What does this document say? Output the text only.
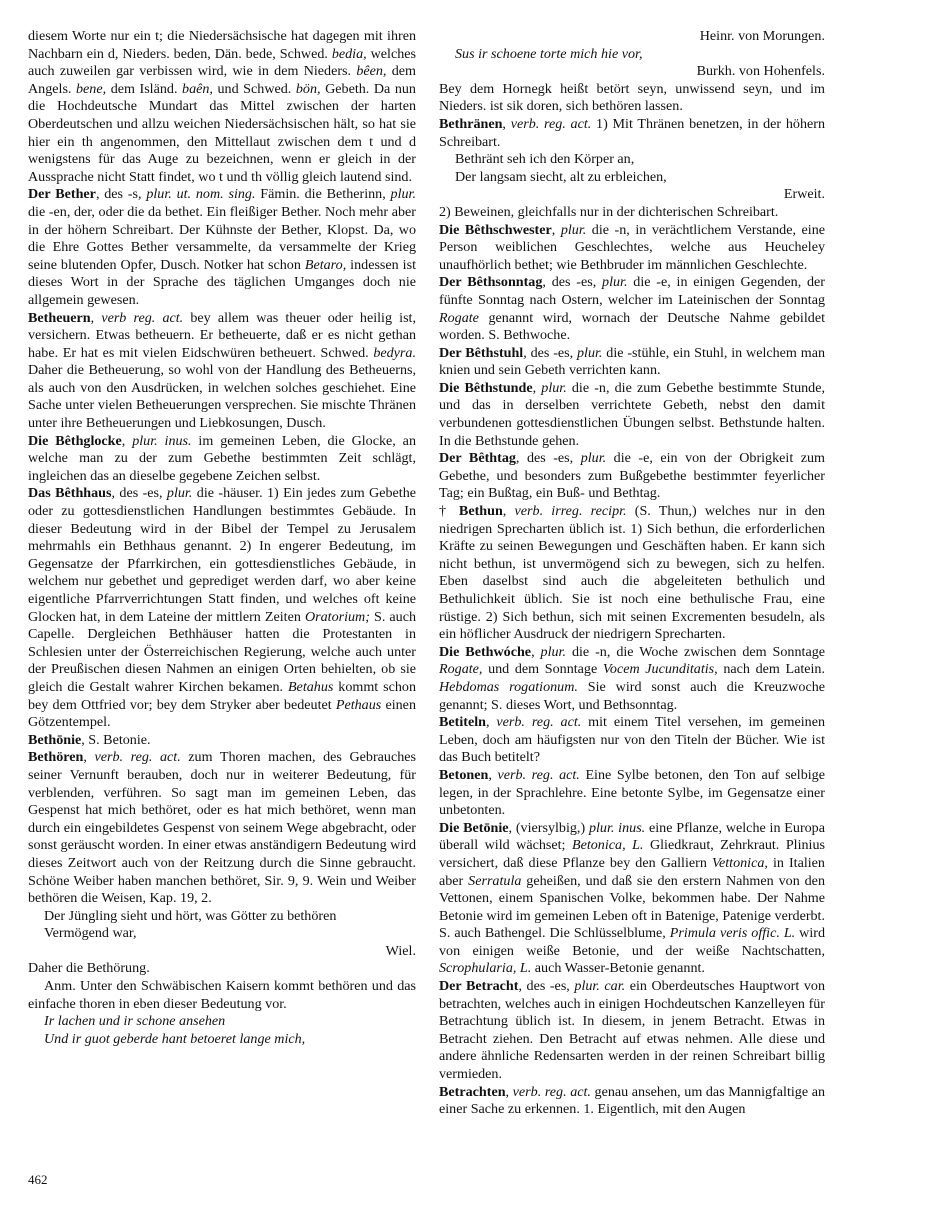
diesem Worte nur ein t; die Niedersächsische hat dagegen mit ihren Nachbarn ein d, Nieders. beden, Dän. bede, Schwed. bedia, welches auch zuweilen gar verbissen wird, wie in dem Nieders. bêen, dem Angels. bene, dem Isländ. baên, und Schwed. bön, Gebeth. Da nun die Hochdeutsche Mundart das Mittel zwischen der harten Oberdeutschen und allzu weichen Niedersächsischen hält, so hat sie hier ein th angenommen, den Mittellaut zwischen dem t und d wenigstens für das Auge zu bezeichnen, wenn er gleich in der Aussprache nicht Statt findet, wo t und th völlig gleich lautend sind.

Der Bether, des -s, plur. ut. nom. sing. Fämin. die Betherinn, plur. die -en, der, oder die da bethet. Ein fleißiger Bether. Noch mehr aber in der höhern Schreibart. Der Kühnste der Bether, Klopst. Da, wo die Ehre Gottes Bether versammelte, da versammelte der Krieg seine blutenden Opfer, Dusch. Notker hat schon Betaro, indessen ist dieses Wort in der Sprache des täglichen Umganges doch nie allgemein gewesen.

Betheuern, verb reg. act. bey allem was theuer oder heilig ist, versichern. Etwas betheuern. Er betheuerte, daß er es nicht gethan habe. Er hat es mit vielen Eidschwüren betheuert. Schwed. bedyra. Daher die Betheuerung, so wohl von der Handlung des Betheuerns, als auch von den Ausdrücken, in welchen solches geschiehet. Eine Sache unter vielen Betheuerungen versprechen. Sie mischte Thränen unter ihre Betheuerungen und Liebkosungen, Dusch.

Die Bêthglocke, plur. inus. im gemeinen Leben, die Glocke, an welche man zu der zum Gebethe bestimmten Zeit schlägt, ingleichen das an dieselbe gegebene Zeichen selbst.

Das Bêthhaus, des -es, plur. die -häuser. 1) Ein jedes zum Gebethe oder zu gottesdienstlichen Handlungen bestimmtes Gebäude. In dieser Bedeutung wird in der Bibel der Tempel zu Jerusalem mehrmahls ein Bethhaus genannt. 2) In engerer Bedeutung, im Gegensatze der Pfarrkirchen, ein gottesdienstliches Gebäude, in welchem nur gebethet und geprediget werden darf, wo aber keine eigentliche Pfarrverrichtungen Statt finden, und welches oft keine Glocken hat, in dem Lateine der mittlern Zeiten Oratorium; S. auch Capelle. Dergleichen Bethhäuser hatten die Protestanten in Schlesien unter der Österreichischen Regierung, welche auch unter der Preußischen diesen Nahmen an einigen Orten behielten, ob sie gleich die Gestalt wahrer Kirchen bekamen. Betahus kommt schon bey dem Ottfried vor; bey dem Stryker aber bedeutet Pethaus einen Götzentempel.

Bethōnie, S. Betonie.

Bethören, verb. reg. act. zum Thoren machen, des Gebrauches seiner Vernunft berauben, doch nur in weiterer Bedeutung, für verblenden, verführen. So sagt man im gemeinen Leben, das Gespenst hat mich bethöret, oder es hat mich bethöret, wenn man durch ein eingebildetes Gespenst von seinem Wege abgebracht, oder sonst geräuscht worden. In einer etwas anständigern Bedeutung wird dieses Zeitwort auch von der Reitzung durch die Sinne gebraucht. Schöne Weiber haben manchen bethöret, Sir. 9, 9. Wein und Weiber bethören die Weisen, Kap. 19, 2.

Der Jüngling sieht und hört, was Götter zu bethören

Vermögend war,

Wiel.

Daher die Bethörung.

Anm. Unter den Schwäbischen Kaisern kommt bethören und das einfache thoren in eben dieser Bedeutung vor.

Ir lachen und ir schone ansehen

Und ir guot geberde hant betoeret lange mich,

Heinr. von Morungen.

Sus ir schoene torte mich hie vor,

Burkh. von Hohenfels.

Bey dem Hornegk heißt betört seyn, unwissend seyn, und im Nieders. ist sik doren, sich bethören lassen.

Bethränen, verb. reg. act. 1) Mit Thränen benetzen, in der höhern Schreibart.

Bethränt seh ich den Körper an,

Der langsam siecht, alt zu erbleichen,

Erweit.

2) Beweinen, gleichfalls nur in der dichterischen Schreibart.

Die Bêthschwester, plur. die -n, in verächtlichem Verstande, eine Person weiblichen Geschlechtes, welche aus Heucheley unaufhörlich bethet; wie Bethbruder im männlichen Geschlechte.

Der Bêthsonntag, des -es, plur. die -e, in einigen Gegenden, der fünfte Sonntag nach Ostern, welcher im Lateinischen der Sonntag Rogate genannt wird, wornach der Deutsche Nahme gebildet worden. S. Bethwoche.

Der Bêthstuhl, des -es, plur. die -stühle, ein Stuhl, in welchem man knien und sein Gebeth verrichten kann.

Die Bêthstunde, plur. die -n, die zum Gebethe bestimmte Stunde, und das in derselben verrichtete Gebeth, nebst den damit verbundenen gottesdienstlichen Übungen selbst. Bethstunde halten. In die Bethstunde gehen.

Der Bêthtag, des -es, plur. die -e, ein von der Obrigkeit zum Gebethe, und besonders zum Bußgebethe bestimmter feyerlicher Tag; ein Bußtag, ein Buß- und Bethtag.

† Bethun, verb. irreg. recipr. (S. Thun,) welches nur in den niedrigen Sprecharten üblich ist. 1) Sich bethun, die erforderlichen Kräfte zu seinen Bewegungen und Geschäften haben. Er kann sich nicht bethun, ist unvermögend sich zu bewegen, sich zu helfen. Eben daselbst sind auch die abgeleiteten bethulich und Bethulichkeit üblich. Sie ist noch eine bethulische Frau, eine rüstige. 2) Sich bethun, sich mit seinen Excrementen besudeln, als ein höflicher Ausdruck der niedrigern Sprecharten.

Die Bethwóche, plur. die -n, die Woche zwischen dem Sonntage Rogate, und dem Sonntage Vocem Jucunditatis, nach dem Latein. Hebdomas rogationum. Sie wird sonst auch die Kreuzwoche genannt; S. dieses Wort, und Bethsonntag.

Betiteln, verb. reg. act. mit einem Titel versehen, im gemeinen Leben, doch am häufigsten nur von den Titeln der Bücher. Wie ist das Buch betitelt?

Betonen, verb. reg. act. Eine Sylbe betonen, den Ton auf selbige legen, in der Sprachlehre. Eine betonte Sylbe, im Gegensatze einer unbetonten.

Die Betōnie, (viersylbig,) plur. inus. eine Pflanze, welche in Europa überall wild wächset; Betonica, L. Gliedkraut, Zehrkraut. Plinius versichert, daß diese Pflanze bey den Galliern Vettonica, in Italien aber Serratula geheißen, und daß sie den erstern Nahmen von den Vettonen, einem Spanischen Volke, bekommen habe. Der Nahme Betonie wird im gemeinen Leben oft in Batenige, Patenige verderbt. S. auch Bathengel. Die Schlüsselblume, Primula veris offic. L. wird von einigen weiße Betonie, und der weiße Nachtschatten, Scrophularia, L. auch Wasser-Betonie genannt.

Der Betracht, des -es, plur. car. ein Oberdeutsches Hauptwort von betrachten, welches auch in einigen Hochdeutschen Kanzelleyen für Betrachtung üblich ist. In diesem, in jenem Betracht. Etwas in Betracht ziehen. Den Betracht auf etwas nehmen. Alle diese und andere ähnliche Redensarten werden in der reinen Schreibart billig vermieden.

Betrachten, verb. reg. act. genau ansehen, um das Mannigfaltige an einer Sache zu erkennen. 1. Eigentlich, mit den Augen

462
